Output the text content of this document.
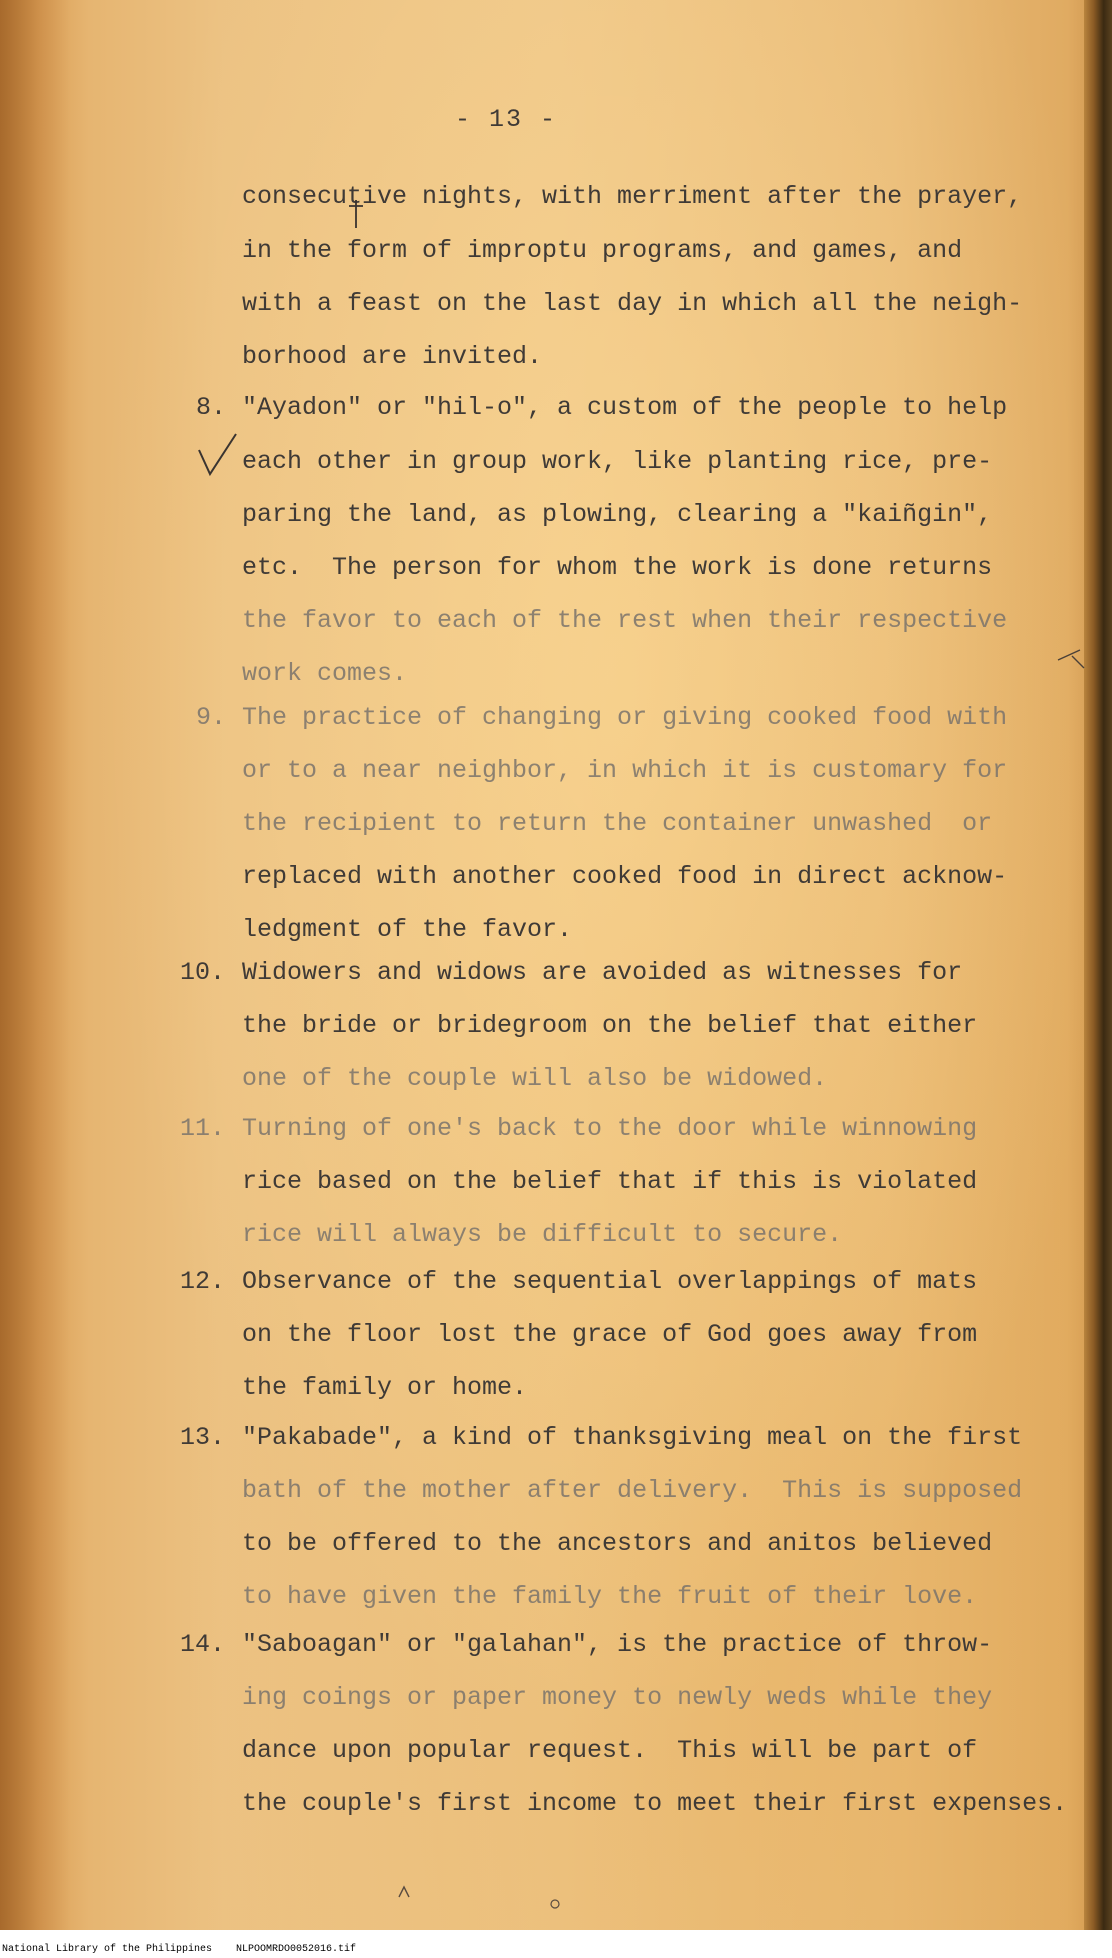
- 13 -
consecutive nights, with merriment after the prayer,
in the form of improptu programs, and games, and
with a feast on the last day in which all the neigh-
borhood are invited.
8. "Ayadon" or "hil-o", a custom of the people to help
each other in group work, like planting rice, pre-
paring the land, as plowing, clearing a "kaiñgin",
etc.  The person for whom the work is done returns
the favor to each of the rest when their respective
work comes.
9. The practice of changing or giving cooked food with
or to a near neighbor, in which it is customary for
the recipient to return the container unwashed  or
replaced with another cooked food in direct acknow-
ledgment of the favor.
10. Widowers and widows are avoided as witnesses for
the bride or bridegroom on the belief that either
one of the couple will also be widowed.
11. Turning of one's back to the door while winnowing
rice based on the belief that if this is violated
rice will always be difficult to secure.
12. Observance of the sequential overlappings of mats
on the floor lost the grace of God goes away from
the family or home.
13. "Pakabade", a kind of thanksgiving meal on the first
bath of the mother after delivery.  This is supposed
to be offered to the ancestors and anitos believed
to have given the family the fruit of their love.
14. "Saboagan" or "galahan", is the practice of throw-
ing coings or paper money to newly weds while they
dance upon popular request.  This will be part of
the couple's first income to meet their first expenses.
National Library of the Philippines    NLPOOMRDO0052016.tif
